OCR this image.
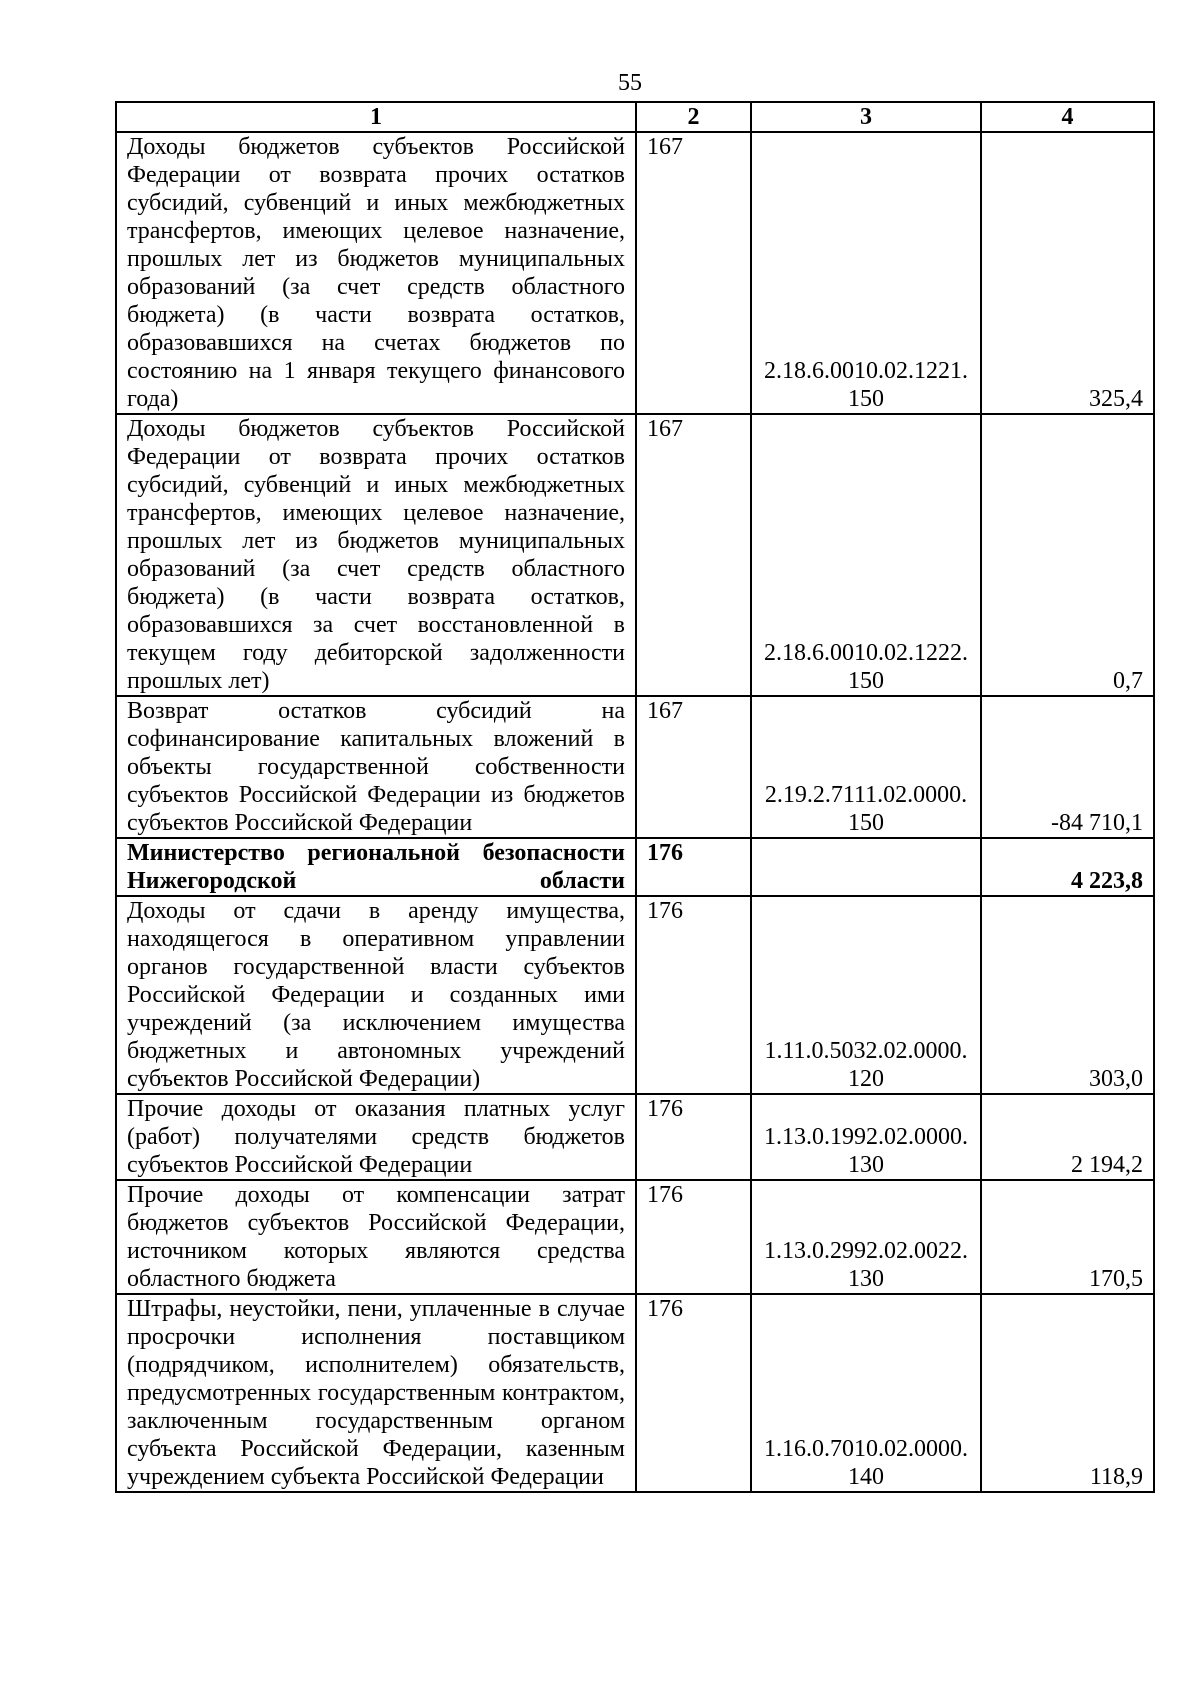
55
1	2	3	4
Доходы бюджетов субъектов Российской Федерации от возврата прочих остатков субсидий, субвенций и иных межбюджетных трансфертов, имеющих целевое назначение, прошлых лет из бюджетов муниципальных образований (за счет средств областного бюджета) (в части возврата остатков, образовавшихся на счетах бюджетов по состоянию на 1 января текущего финансового года)	167	2.18.6.0010.02.1221. 150	325,4
Доходы бюджетов субъектов Российской Федерации от возврата прочих остатков субсидий, субвенций и иных межбюджетных трансфертов, имеющих целевое назначение, прошлых лет из бюджетов муниципальных образований (за счет средств областного бюджета) (в части возврата остатков, образовавшихся за счет восстановленной в текущем году дебиторской задолженности прошлых лет)	167	2.18.6.0010.02.1222. 150	0,7
Возврат остатков субсидий на софинансирование капитальных вложений в объекты государственной собственности субъектов Российской Федерации из бюджетов субъектов Российской Федерации	167	2.19.2.7111.02.0000. 150	-84 710,1
Министерство региональной безопасности Нижегородской области	176		4 223,8
Доходы от сдачи в аренду имущества, находящегося в оперативном управлении органов государственной власти субъектов Российской Федерации и созданных ими учреждений (за исключением имущества бюджетных и автономных учреждений субъектов Российской Федерации)	176	1.11.0.5032.02.0000. 120	303,0
Прочие доходы от оказания платных услуг (работ) получателями средств бюджетов субъектов Российской Федерации	176	1.13.0.1992.02.0000. 130	2 194,2
Прочие доходы от компенсации затрат бюджетов субъектов Российской Федерации, источником которых являются средства областного бюджета	176	1.13.0.2992.02.0022. 130	170,5
Штрафы, неустойки, пени, уплаченные в случае просрочки исполнения поставщиком (подрядчиком, исполнителем) обязательств, предусмотренных государственным контрактом, заключенным государственным органом субъекта Российской Федерации, казенным учреждением субъекта Российской Федерации	176	1.16.0.7010.02.0000. 140	118,9
